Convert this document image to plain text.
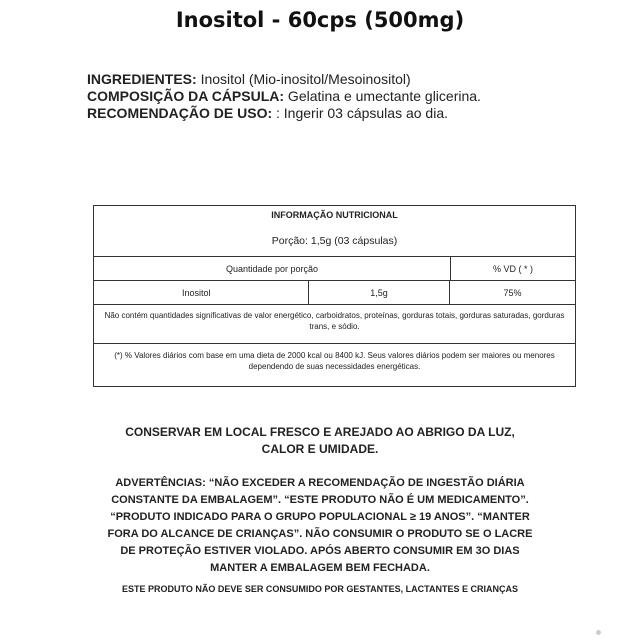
Inositol - 60cps (500mg)
INGREDIENTES: Inositol (Mio-inositol/Mesoinositol)
COMPOSIÇÃO DA CÁPSULA: Gelatina e umectante glicerina.
RECOMENDAÇÃO DE USO: : Ingerir 03 cápsulas ao dia.
INFORMAÇÃO NUTRICIONAL
Porção: 1,5g (03 cápsulas)
Quantidade por porção	% VD ( * )
Inositol	1,5g	75%
Não contém quantidades significativas de valor energético, carboidratos, proteínas, gorduras totais, gorduras saturadas, gorduras trans, e sódio.
(*) % Valores diários com base em uma dieta de 2000 kcal ou 8400 kJ. Seus valores diários podem ser maiores ou menores dependendo de suas necessidades energéticas.
CONSERVAR EM LOCAL FRESCO E AREJADO AO ABRIGO DA LUZ,
CALOR E UMIDADE.
ADVERTÊNCIAS: “NÃO EXCEDER A RECOMENDAÇÃO DE INGESTÃO DIÁRIA
CONSTANTE DA EMBALAGEM”. “ESTE PRODUTO NÃO É UM MEDICAMENTO”.
“PRODUTO INDICADO PARA O GRUPO POPULACIONAL ≥ 19 ANOS”. “MANTER
FORA DO ALCANCE DE CRIANÇAS”. NÃO CONSUMIR O PRODUTO SE O LACRE
DE PROTEÇÃO ESTIVER VIOLADO. APÓS ABERTO CONSUMIR EM 3O DIAS
MANTER A EMBALAGEM BEM FECHADA.
ESTE PRODUTO NÃO DEVE SER CONSUMIDO POR GESTANTES, LACTANTES E CRIANÇAS
